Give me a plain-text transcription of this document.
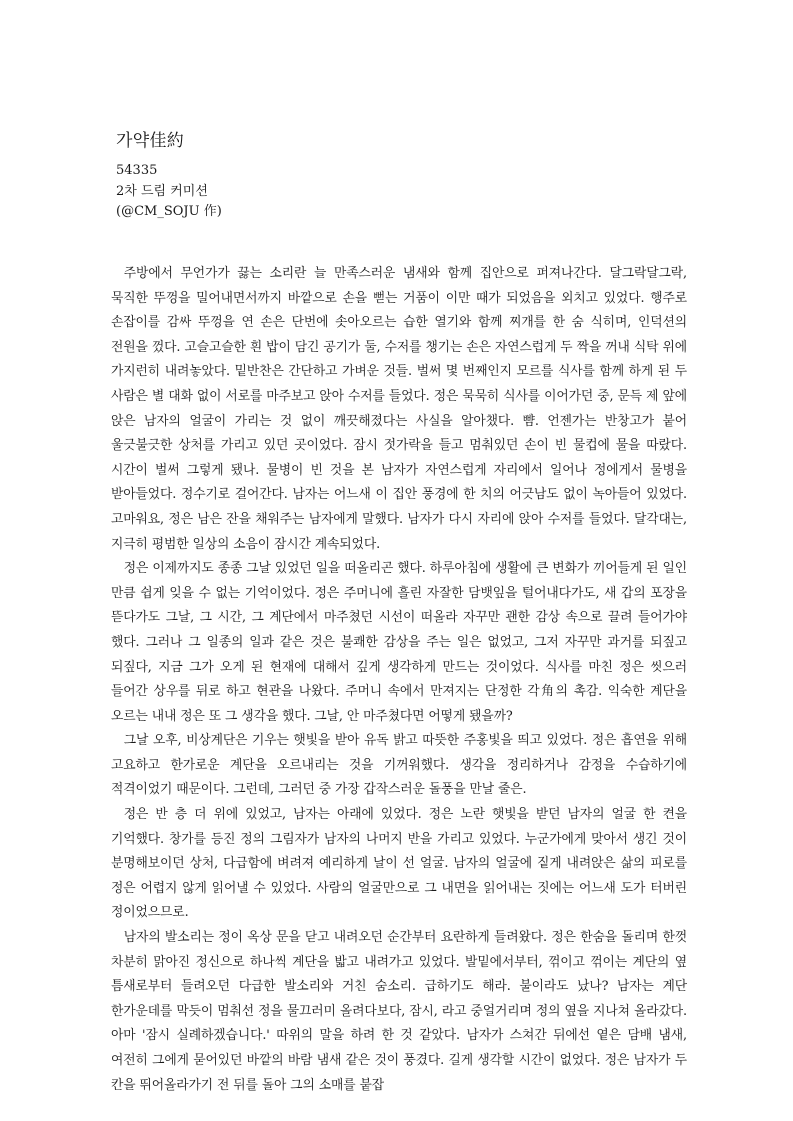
가약佳約

54335

2차 드림 커미션

(@CM_SOJU 作)

주방에서 무언가가 끓는 소리란 늘 만족스러운 냄새와 함께 집안으로 퍼져나간다. 달그락달그락, 묵직한 뚜껑을 밀어내면서까지 바깥으로 손을 뻗는 거품이 이만 때가 되었음을 외치고 있었다. 행주로 손잡이를 감싸 뚜껑을 연 손은 단번에 솟아오르는 습한 열기와 함께 찌개를 한 숨 식히며, 인덕션의 전원을 껐다. 고슬고슬한 흰 밥이 담긴 공기가 둘, 수저를 챙기는 손은 자연스럽게 두 짝을 꺼내 식탁 위에 가지런히 내려놓았다. 밑반찬은 간단하고 가벼운 것들. 벌써 몇 번째인지 모르를 식사를 함께 하게 된 두 사람은 별 대화 없이 서로를 마주보고 앉아 수저를 들었다. 정은 묵묵히 식사를 이어가던 중, 문득 제 앞에 앉은 남자의 얼굴이 가리는 것 없이 깨끗해졌다는 사실을 알아챘다. 뺨. 언젠가는 반창고가 붙어 울긋불긋한 상처를 가리고 있던 곳이었다. 잠시 젓가락을 들고 멈춰있던 손이 빈 물컵에 물을 따랐다. 시간이 벌써 그렇게 됐나. 물병이 빈 것을 본 남자가 자연스럽게 자리에서 일어나 정에게서 물병을 받아들었다. 정수기로 걸어간다. 남자는 어느새 이 집안 풍경에 한 치의 어긋남도 없이 녹아들어 있었다. 고마워요, 정은 남은 잔을 채워주는 남자에게 말했다. 남자가 다시 자리에 앉아 수저를 들었다. 달각대는, 지극히 평범한 일상의 소음이 잠시간 계속되었다.

정은 이제까지도 종종 그날 있었던 일을 떠올리곤 했다. 하루아침에 생활에 큰 변화가 끼어들게 된 일인 만큼 쉽게 잊을 수 없는 기억이었다. 정은 주머니에 흘린 자잘한 담뱃잎을 털어내다가도, 새 갑의 포장을 뜯다가도 그날, 그 시간, 그 계단에서 마주쳤던 시선이 떠올라 자꾸만 괜한 감상 속으로 끌려 들어가야 했다. 그러나 그 일종의 일과 같은 것은 불쾌한 감상을 주는 일은 없었고, 그저 자꾸만 과거를 되짚고 되짚다, 지금 그가 오게 된 현재에 대해서 깊게 생각하게 만드는 것이었다. 식사를 마친 정은 씻으러 들어간 상우를 뒤로 하고 현관을 나왔다. 주머니 속에서 만져지는 단정한 각角의 촉감. 익숙한 계단을 오르는 내내 정은 또 그 생각을 했다. 그날, 안 마주쳤다면 어떻게 됐을까?

그날 오후, 비상계단은 기우는 햇빛을 받아 유독 밝고 따뜻한 주홍빛을 띄고 있었다. 정은 흡연을 위해 고요하고 한가로운 계단을 오르내리는 것을 기꺼워했다. 생각을 정리하거나 감정을 수습하기에 적격이었기 때문이다. 그런데, 그러던 중 가장 갑작스러운 돌풍을 만날 줄은.

정은 반 층 더 위에 있었고, 남자는 아래에 있었다. 정은 노란 햇빛을 받던 남자의 얼굴 한 켠을 기억했다. 창가를 등진 정의 그림자가 남자의 나머지 반을 가리고 있었다. 누군가에게 맞아서 생긴 것이 분명해보이던 상처, 다급함에 벼려져 예리하게 날이 선 얼굴. 남자의 얼굴에 짙게 내려앉은 삶의 피로를 정은 어렵지 않게 읽어낼 수 있었다. 사람의 얼굴만으로 그 내면을 읽어내는 짓에는 어느새 도가 터버린 정이었으므로.

남자의 발소리는 정이 옥상 문을 닫고 내려오던 순간부터 요란하게 들려왔다. 정은 한숨을 돌리며 한껏 차분히 맑아진 정신으로 하나씩 계단을 밟고 내려가고 있었다. 발밑에서부터, 꺾이고 꺾이는 계단의 옆 틈새로부터 들려오던 다급한 발소리와 거친 숨소리. 급하기도 해라. 불이라도 났나? 남자는 계단 한가운데를 막듯이 멈춰선 정을 물끄러미 올려다보다, 잠시, 라고 중얼거리며 정의 옆을 지나쳐 올라갔다. 아마 '잠시 실례하겠습니다.' 따위의 말을 하려 한 것 같았다. 남자가 스쳐간 뒤에선 옅은 담배 냄새, 여전히 그에게 묻어있던 바깥의 바람 냄새 같은 것이 풍겼다. 길게 생각할 시간이 없었다. 정은 남자가 두 칸을 뛰어올라가기 전 뒤를 돌아 그의 소매를 붙잡
